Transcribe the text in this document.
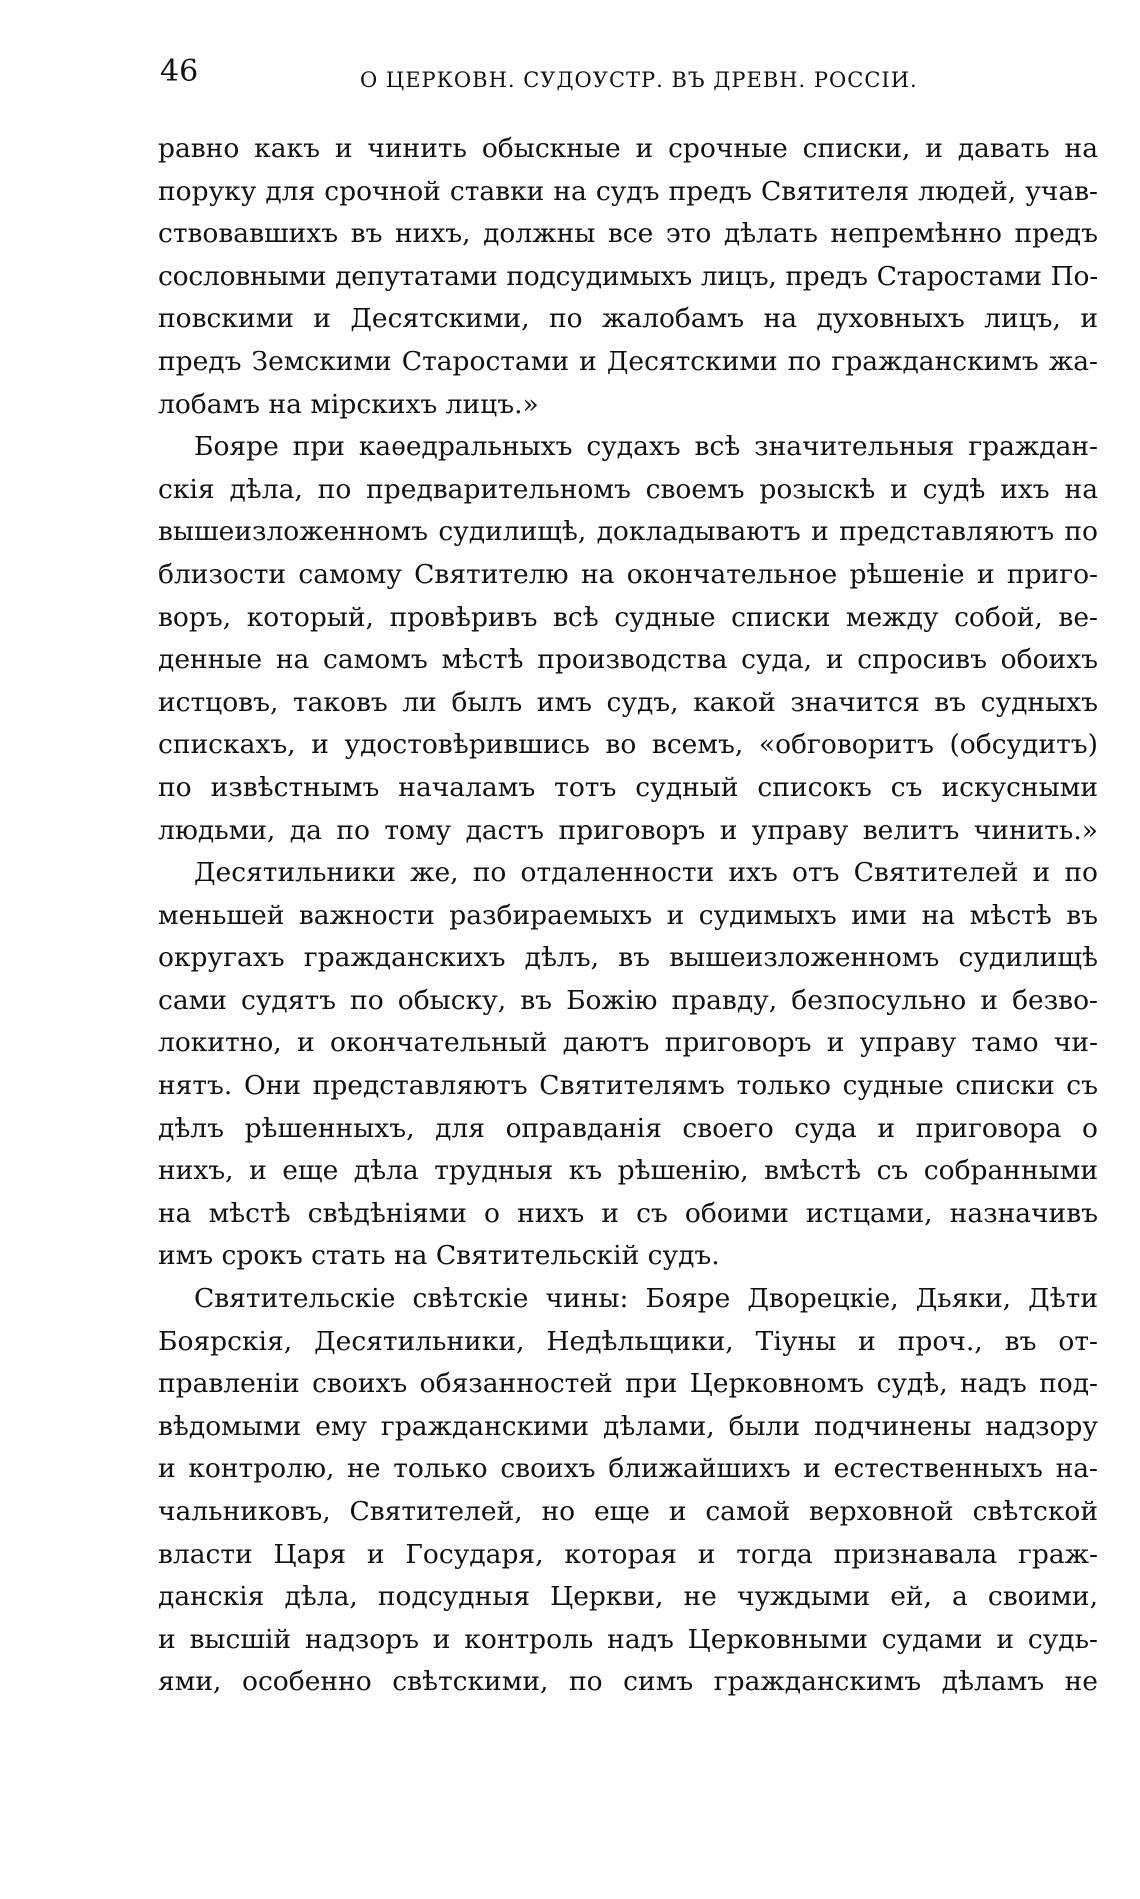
46	О ЦЕРКОВН. СУДОУСТР. ВЪ ДРЕВН. РОССІИ.
равно какъ и чинить обыскные и срочные списки, и давать на
поруку для срочной ставки на судъ предъ Святителя людей, учав-
ствовавшихъ въ нихъ, должны все это дѣлать непремѣнно предъ
сословными депутатами подсудимыхъ лицъ, предъ Старостами По-
повскими и Десятскими, по жалобамъ на духовныхъ лицъ, и
предъ Земскими Старостами и Десятскими по гражданскимъ жа-
лобамъ на мірскихъ лицъ.»
Бояре при каѳедральныхъ судахъ всѣ значительныя граждан-
скія дѣла, по предварительномъ своемъ розыскѣ и судѣ ихъ на
вышеизложенномъ судилищѣ, докладываютъ и представляютъ по
близости самому Святителю на окончательное рѣшеніе и приго-
воръ, который, провѣривъ всѣ судные списки между собой, ве-
денные на самомъ мѣстѣ производства суда, и спросивъ обоихъ
истцовъ, таковъ ли былъ имъ судъ, какой значится въ судныхъ
спискахъ, и удостовѣрившись во всемъ, «обговоритъ (обсудитъ)
по извѣстнымъ началамъ тотъ судный списокъ съ искусными
людьми, да по тому дастъ приговоръ и управу велитъ чинить.»
Десятильники же, по отдаленности ихъ отъ Святителей и по
меньшей важности разбираемыхъ и судимыхъ ими на мѣстѣ въ
округахъ гражданскихъ дѣлъ, въ вышеизложенномъ судилищѣ
сами судятъ по обыску, въ Божію правду, безпосульно и безво-
локитно, и окончательный даютъ приговоръ и управу тамо чи-
нятъ. Они представляютъ Святителямъ только судные списки съ
дѣлъ рѣшенныхъ, для оправданія своего суда и приговора о
нихъ, и еще дѣла трудныя къ рѣшенію, вмѣстѣ съ собранными
на мѣстѣ свѣдѣніями о нихъ и съ обоими истцами, назначивъ
имъ срокъ стать на Святительскій судъ.
Святительскіе свѣтскіе чины: Бояре Дворецкіе, Дьяки, Дѣти
Боярскія, Десятильники, Недѣльщики, Тіуны и проч., въ от-
правленіи своихъ обязанностей при Церковномъ судѣ, надъ под-
вѣдомыми ему гражданскими дѣлами, были подчинены надзору
и контролю, не только своихъ ближайшихъ и естественныхъ на-
чальниковъ, Святителей, но еще и самой верховной свѣтской
власти Царя и Государя, которая и тогда признавала граж-
данскія дѣла, подсудныя Церкви, не чуждыми ей, а своими,
и высшій надзоръ и контроль надъ Церковными судами и судь-
ями, особенно свѣтскими, по симъ гражданскимъ дѣламъ не
